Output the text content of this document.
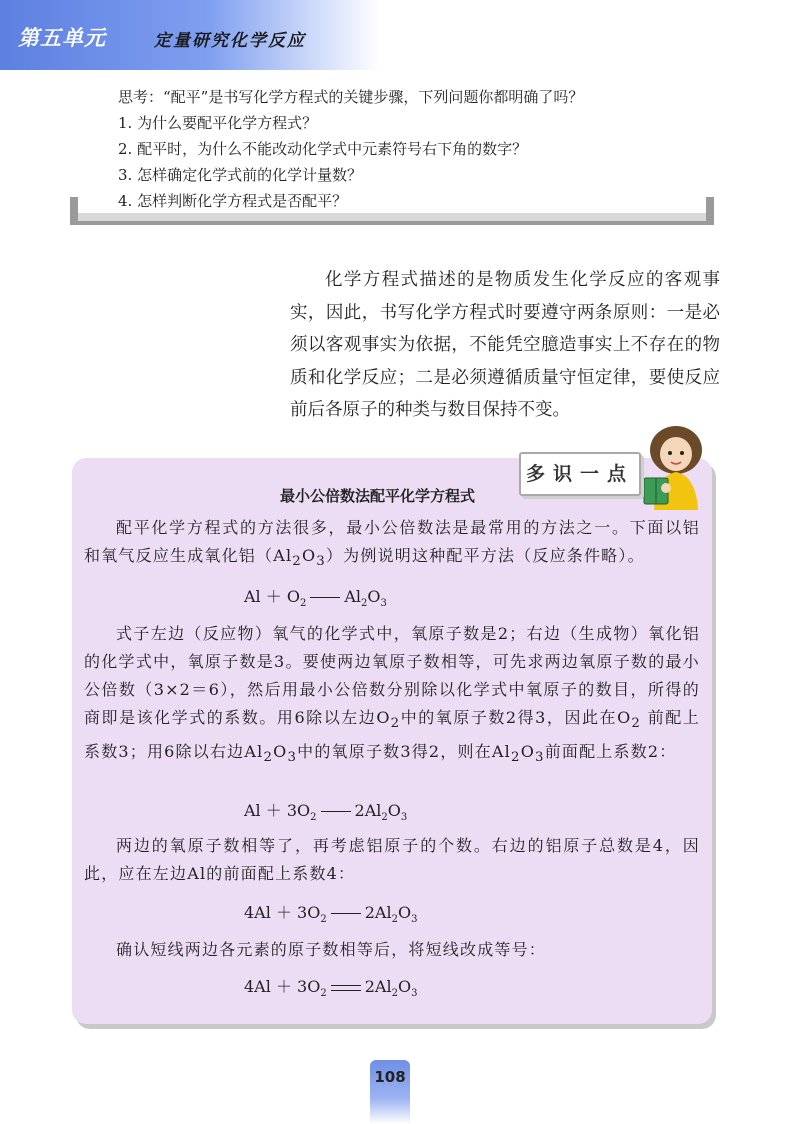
第五单元	定量研究化学反应
思考：“配平”是书写化学方程式的关键步骤，下列问题你都明确了吗？
1. 为什么要配平化学方程式？
2. 配平时，为什么不能改动化学式中元素符号右下角的数字？
3. 怎样确定化学式前的化学计量数？
4. 怎样判断化学方程式是否配平？

化学方程式描述的是物质发生化学反应的客观事实，因此，书写化学方程式时要遵守两条原则：一是必须以客观事实为依据，不能凭空臆造事实上不存在的物质和化学反应；二是必须遵循质量守恒定律，要使反应前后各原子的种类与数目保持不变。

多识一点
最小公倍数法配平化学方程式

配平化学方程式的方法很多，最小公倍数法是最常用的方法之一。下面以铝和氧气反应生成氧化铝$(Al_2O_3)$为例说明这种配平方法（反应条件略）。

$Al + O_2$ $Al_2O_3$

式子左边（反应物）氧气的化学式中，氧原子数是2；右边（生成物）氧化铝的化学式中，氧原子数是3。要使两边氧原子数相等，可先求两边氧原子数的最小公倍数（3×2＝6），然后用最小公倍数分别除以化学式中氧原子的数目，所得的商即是该化学式的系数。用6除以左边$O_2$中的氧原子数2得3，因此在$O_2$ 前配上系数3；用6除以右边$Al_2O_3$中的氧原子数3得2，则在$Al_2O_3$前面配上系数2：

$Al + 3O_2$ $2Al_2O_3$

两边的氧原子数相等了，再考虑铝原子的个数。右边的铝原子总数是4，因此，应在左边Al的前面配上系数4：

$4Al + 3O_2$ $2Al_2O_3$

确认短线两边各元素的原子数相等后，将短线改成等号：

$4Al + 3O_2$ $2Al_2O_3$
108
